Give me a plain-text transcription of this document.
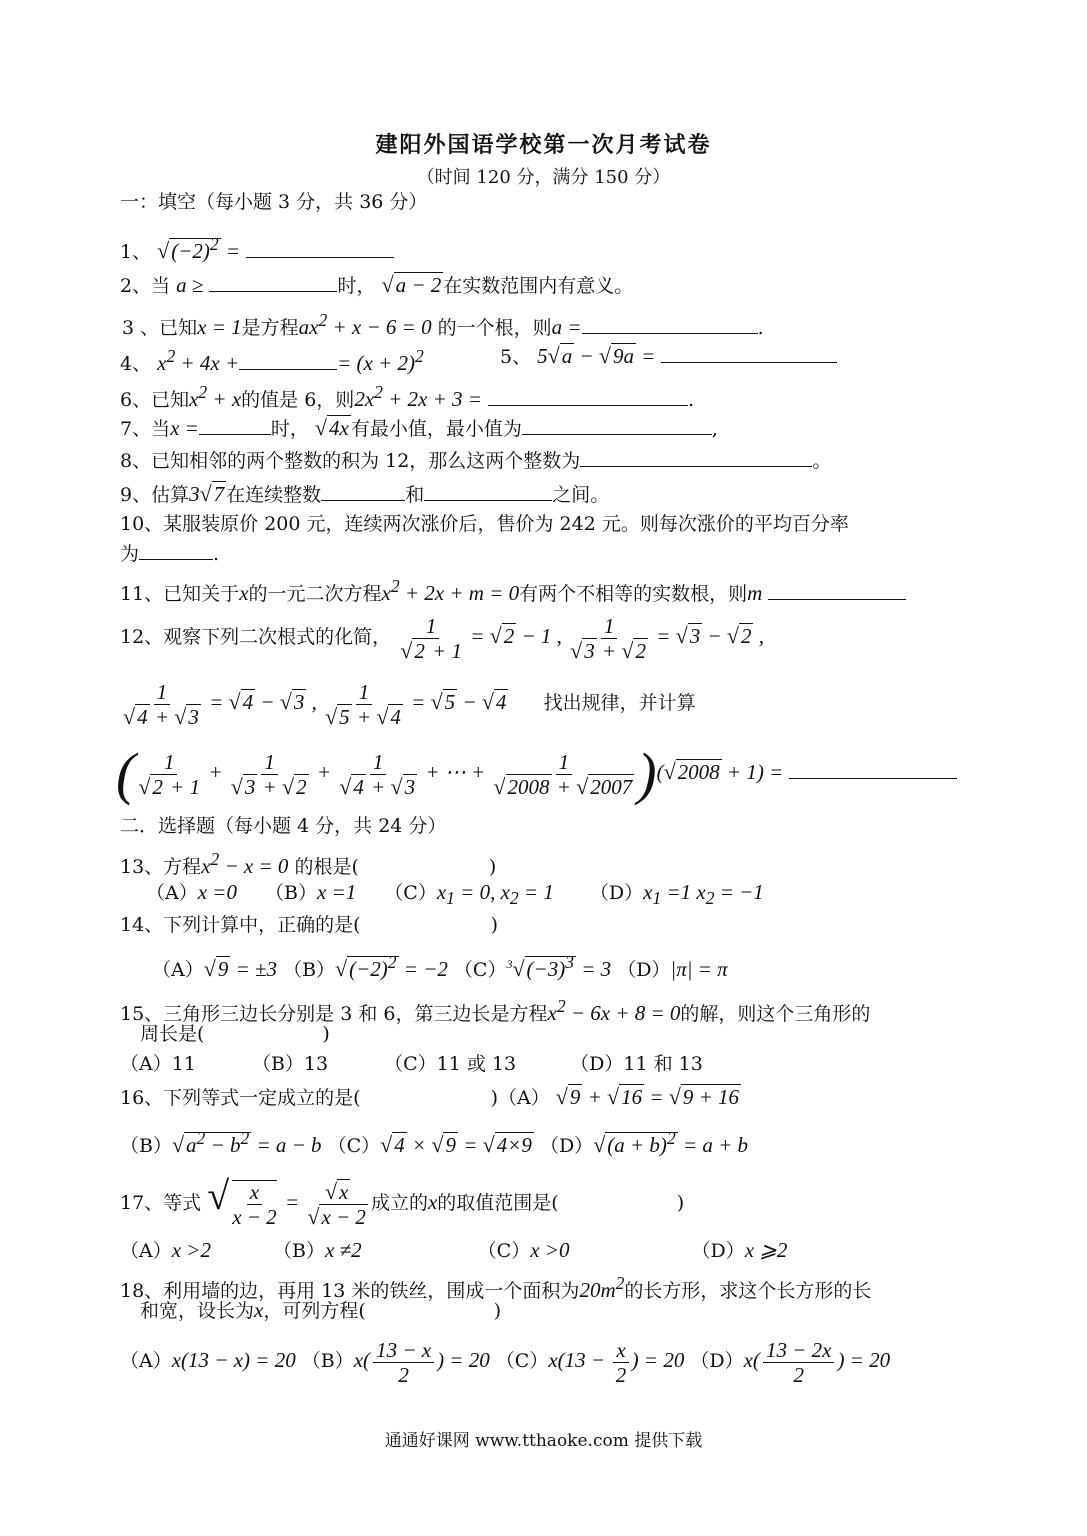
建阳外国语学校第一次月考试卷
（时间 120 分，满分 150 分）
一：填空（每小题 3 分，共 36 分）
1、 $√(-2)^2$ =
2、当 a ≥	时， √a − 2 在实数范围内有意义。
3 、已知x = 1是方程$ax^2 + x - 6 = 0$ 的一个根，则a =	.
4、 $x^2 + 4x$ +	= $(x + 2)^2$	5、 5√a − √9a =
6、已知$x^2 + x$的值是 6，则$2x^2 + 2x + 3$ =	.
7、当x =	时， √4x 有最小值，最小值为	,
8、已知相邻的两个整数的积为 12，那么这两个整数为	。
9、估算3√7 在连续整数	和	之间。
10、某服装原价 200 元，连续两次涨价后，售价为 242 元。则每次涨价的平均百分率
为	.
11、已知关于x的一元二次方程$x^2 + 2x + m = 0$有两个不相等的实数根，则m
12、观察下列二次根式的化简， $\frac{1}{√2 + 1} = √2 - 1$ , $\frac{1}{√3 + √2} = √3 - √2$ ,
$\frac{1}{√4 + √3} = √4 - √3$ , $\frac{1}{√5 + √4} = √5 - √4$ 找出规律，并计算
( $\frac{1}{√2 + 1} + \frac{1}{√3 + √2} + \frac{1}{√4 + √3}$ + ⋯ + $\frac{1}{√2008 + √2007} )(√2008 + 1)$ =
二．选择题（每小题 4 分，共 24 分）
13、方程$x^2 - x = 0$ 的根是(	)
（A）x =0 （B）x =1 $(C)x_1 = 0$, $x_2 = 1$ $(D)x_1 =1$ $x_2 = -1$
14、下列计算中，正确的是(	)
（A）√9 = ±3 $(B)√(-2)^2 = -2$ $(C)^3√(-3)^3 = 3$ （D）|π| = π
15、三角形三边长分别是 3 和 6，第三边长是方程$x^2 - 6x + 8 = 0$的解，则这个三角形的
周长是(	)
（A）11	（B）13	（C）11 或 13	（D）11 和 13
16、下列等式一定成立的是(	)（A） √9 + √16 = √9 + 16
$(B)√a^2 - b^2 = a - b$ （C）√4 × √9 = √4×9 $(D)√(a + b)^2 = a + b$
17、等式 √ $\frac{x}{x - 2} = \frac{√x}{√x - 2}$ 成立的x的取值范围是(	)
（A）x >2	（B）x ≠2	（C）x >0	（D）x ⩾2
18、利用墙的边，再用 13 米的铁丝，围成一个面积为$20m^2$的长方形，求这个长方形的长
和宽，设长为x，可列方程(	)
（A）x(13 − x) = 20 $(B)x( \frac{13 - x}{2}$ ) = 20 $(C)x(13 - \frac{x}{2}$ ) = 20 $(D)x( \frac{13 - 2x}{2}$ ) = 20
通通好课网 www.tthaoke.com 提供下载
